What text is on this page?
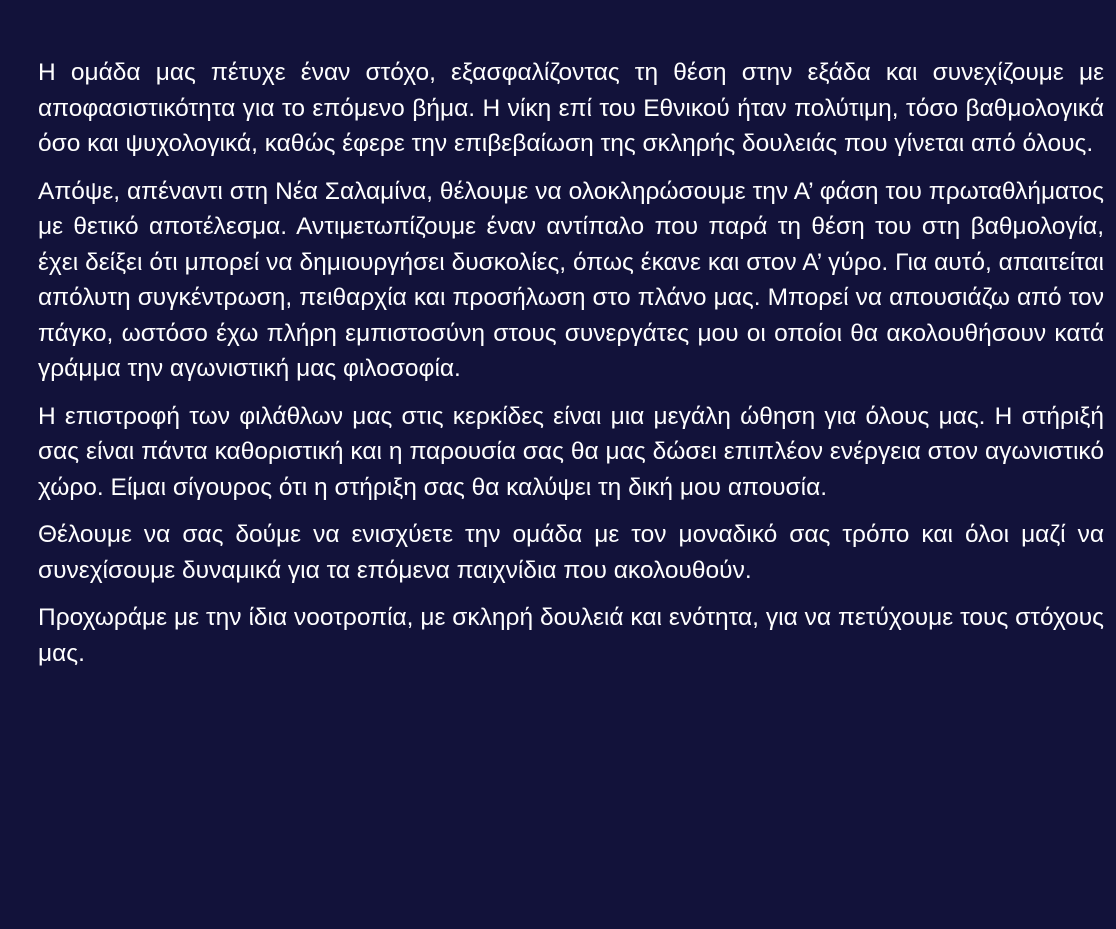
Η ομάδα μας πέτυχε έναν στόχο, εξασφαλίζοντας τη θέση στην εξάδα και συνεχίζουμε με αποφασιστικότητα για το επόμενο βήμα. Η νίκη επί του Εθνικού ήταν πολύτιμη, τόσο βαθμολογικά όσο και ψυχολογικά, καθώς έφερε την επιβεβαίωση της σκληρής δουλειάς που γίνεται από όλους.

Απόψε, απέναντι στη Νέα Σαλαμίνα, θέλουμε να ολοκληρώσουμε την Α’ φάση του πρωταθλήματος με θετικό αποτέλεσμα. Αντιμετωπίζουμε έναν αντίπαλο που παρά τη θέση του στη βαθμολογία, έχει δείξει ότι μπορεί να δημιουργήσει δυσκολίες, όπως έκανε και στον Α’ γύρο. Για αυτό, απαιτείται απόλυτη συγκέντρωση, πειθαρχία και προσήλωση στο πλάνο μας. Μπορεί να απουσιάζω από τον πάγκο, ωστόσο έχω πλήρη εμπιστοσύνη στους συνεργάτες μου οι οποίοι θα ακολουθήσουν κατά γράμμα την αγωνιστική μας φιλοσοφία.

Η επιστροφή των φιλάθλων μας στις κερκίδες είναι μια μεγάλη ώθηση για όλους μας. Η στήριξή σας είναι πάντα καθοριστική και η παρουσία σας θα μας δώσει επιπλέον ενέργεια στον αγωνιστικό χώρο. Είμαι σίγουρος ότι η στήριξη σας θα καλύψει τη δική μου απουσία.

Θέλουμε να σας δούμε να ενισχύετε την ομάδα με τον μοναδικό σας τρόπο και όλοι μαζί να συνεχίσουμε δυναμικά για τα επόμενα παιχνίδια που ακολουθούν.

Προχωράμε με την ίδια νοοτροπία, με σκληρή δουλειά και ενότητα, για να πετύχουμε τους στόχους μας.
